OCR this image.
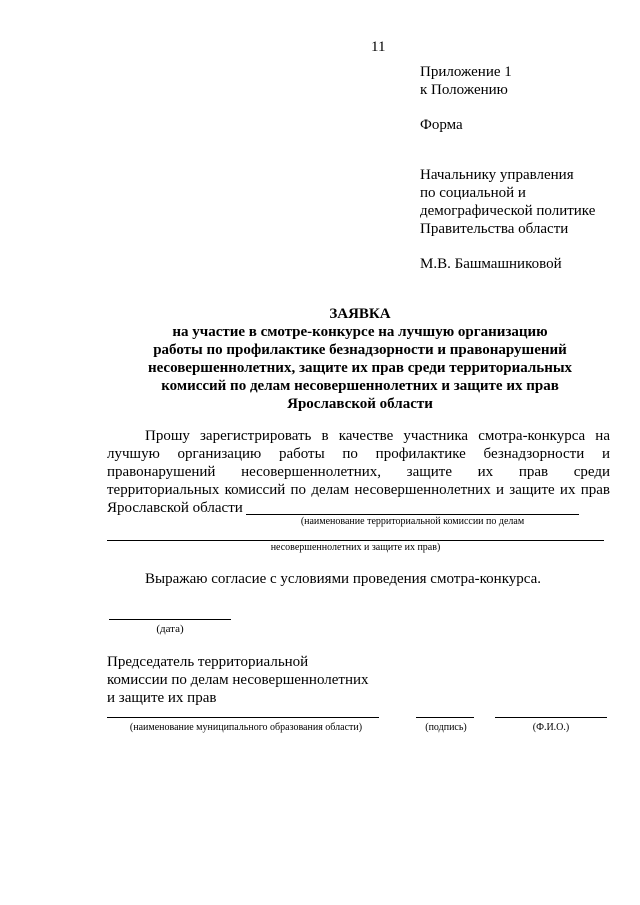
11
Приложение 1
к Положению
Форма
Начальнику управления
по социальной и
демографической политике
Правительства области
М.В. Башмашниковой
ЗАЯВКА
на участие в смотре-конкурсе на лучшую организацию
работы по профилактике безнадзорности и правонарушений
несовершеннолетних, защите их прав среди территориальных
комиссий по делам несовершеннолетних и защите их прав
Ярославской области
Прошу зарегистрировать в качестве участника смотра-конкурса на
лучшую организацию работы по профилактике безнадзорности и
правонарушений несовершеннолетних, защите их прав среди
территориальных комиссий по делам несовершеннолетних и защите их прав
Ярославской области
(наименование территориальной комиссии по делам
несовершеннолетних и защите их прав)
Выражаю согласие с условиями проведения смотра-конкурса.
(дата)
Председатель территориальной
комиссии по делам несовершеннолетних
и защите их прав
(наименование муниципального образования области)	(подпись)	(Ф.И.О.)
